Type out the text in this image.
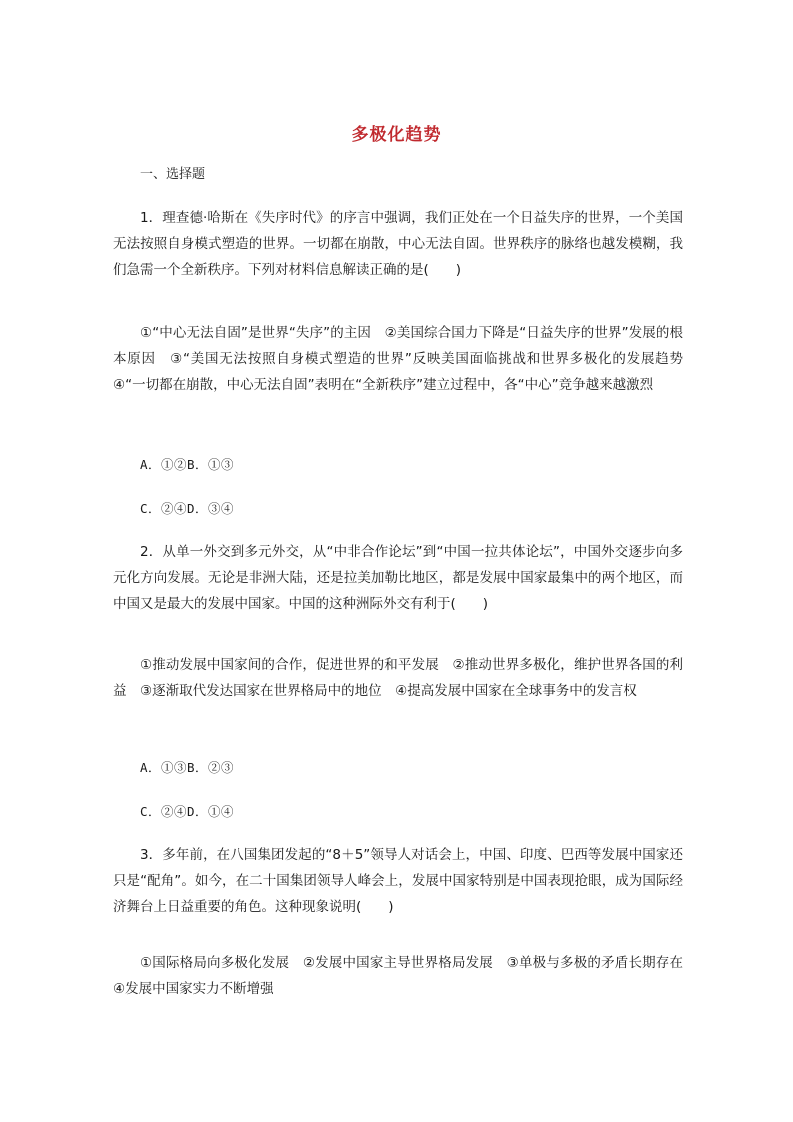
多极化趋势
一、选择题
1．理查德·哈斯在《失序时代》的序言中强调，我们正处在一个日益失序的世界，一个美国无法按照自身模式塑造的世界。一切都在崩散，中心无法自固。世界秩序的脉络也越发模糊，我们急需一个全新秩序。下列对材料信息解读正确的是(　　)
①“中心无法自固”是世界“失序”的主因　②美国综合国力下降是“日益失序的世界”发展的根本原因　③“美国无法按照自身模式塑造的世界”反映美国面临挑战和世界多极化的发展趋势　④“一切都在崩散，中心无法自固”表明在“全新秩序”建立过程中，各“中心”竞争越来越激烈
A．①②B．①③
C．②④D．③④
2．从单一外交到多元外交，从“中非合作论坛”到“中国一拉共体论坛”，中国外交逐步向多元化方向发展。无论是非洲大陆，还是拉美加勒比地区，都是发展中国家最集中的两个地区，而中国又是最大的发展中国家。中国的这种洲际外交有利于(　　)
①推动发展中国家间的合作，促进世界的和平发展　②推动世界多极化，维护世界各国的利益　③逐渐取代发达国家在世界格局中的地位　④提高发展中国家在全球事务中的发言权
A．①③B．②③
C．②④D．①④
3．多年前，在八国集团发起的“8＋5”领导人对话会上，中国、印度、巴西等发展中国家还只是“配角”。如今，在二十国集团领导人峰会上，发展中国家特别是中国表现抢眼，成为国际经济舞台上日益重要的角色。这种现象说明(　　)
①国际格局向多极化发展　②发展中国家主导世界格局发展　③单极与多极的矛盾长期存在　④发展中国家实力不断增强
